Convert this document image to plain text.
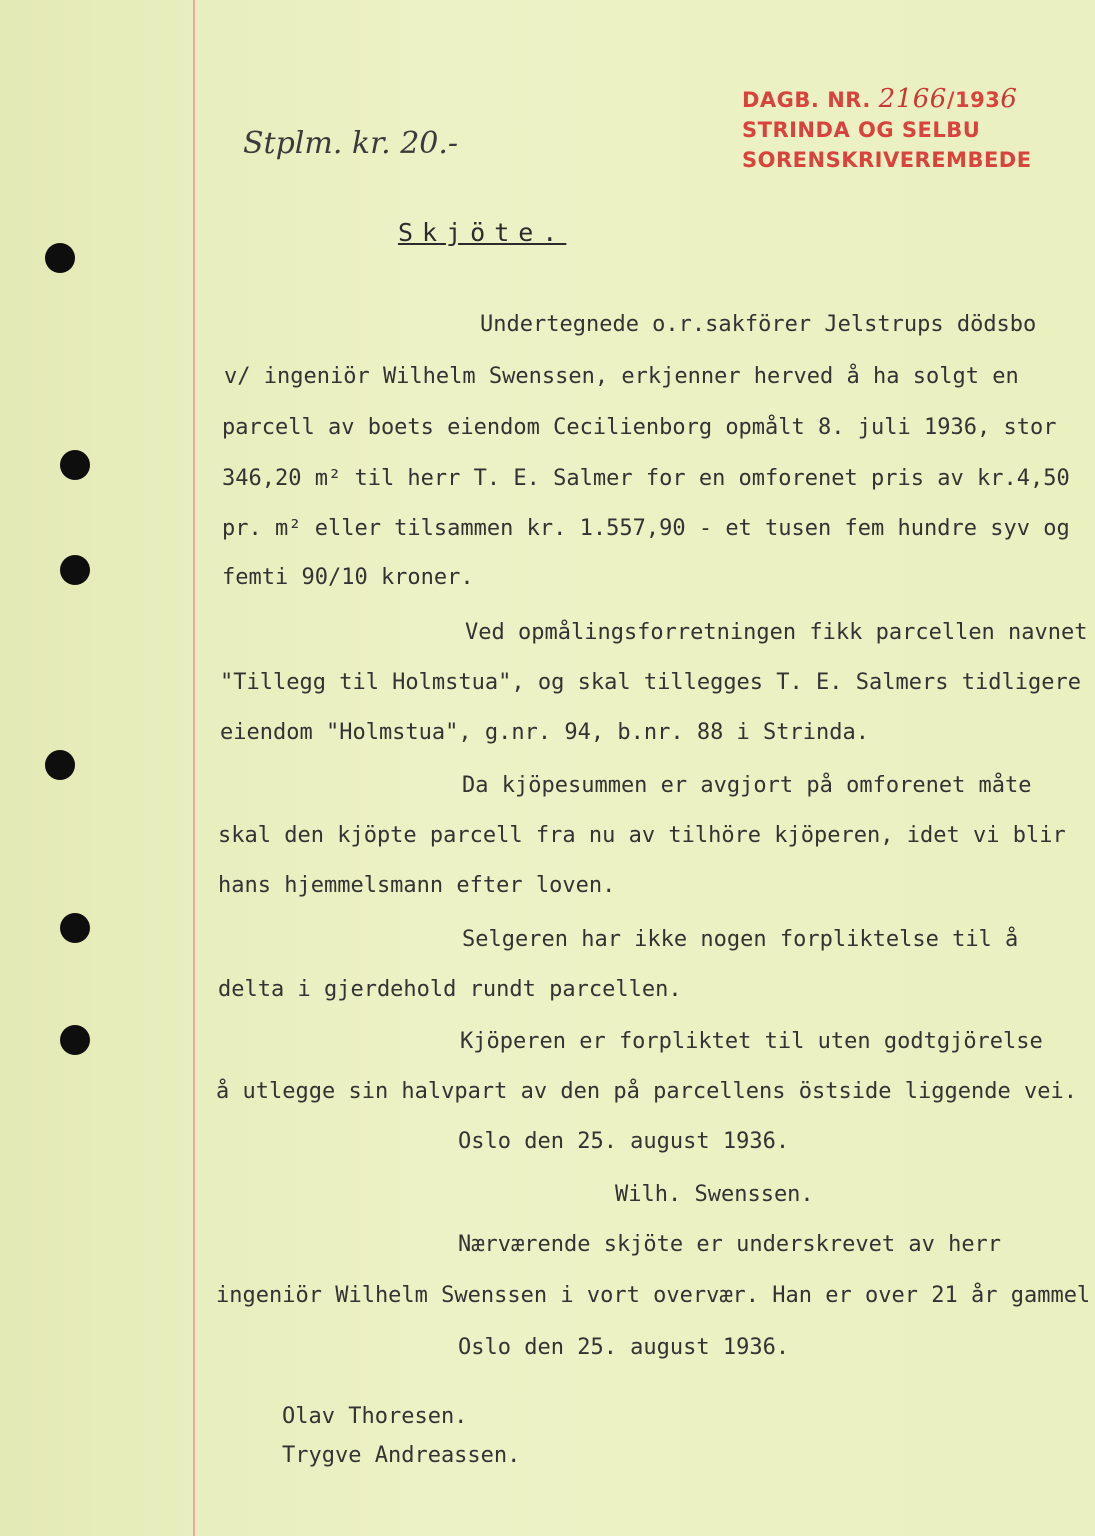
DAGB. NR. 2166/1936
STRINDA OG SELBU
SORENSKRIVEREMBEDE
Stplm. kr. 20.-
Skjöte.
Undertegnede o.r.sakförer Jelstrups dödsbo
v/ ingeniör Wilhelm Swenssen, erkjenner herved å ha solgt en
parcell av boets eiendom Cecilienborg opmålt 8. juli 1936, stor
346,20 m² til herr T. E. Salmer for en omforenet pris av kr.4,50
pr. m² eller tilsammen kr. 1.557,90 - et tusen fem hundre syv og
femti 90/10 kroner.
Ved opmålingsforretningen fikk parcellen navnet
"Tillegg til Holmstua", og skal tillegges T. E. Salmers tidligere
eiendom "Holmstua", g.nr. 94, b.nr. 88 i Strinda.
Da kjöpesummen er avgjort på omforenet måte
skal den kjöpte parcell fra nu av tilhöre kjöperen, idet vi blir
hans hjemmelsmann efter loven.
Selgeren har ikke nogen forpliktelse til å
delta i gjerdehold rundt parcellen.
Kjöperen er forpliktet til uten godtgjörelse
å utlegge sin halvpart av den på parcellens östside liggende vei.
Oslo den 25. august 1936.
Wilh. Swenssen.
Nærværende skjöte er underskrevet av herr
ingeniör Wilhelm Swenssen i vort overvær. Han er over 21 år gammel
Oslo den 25. august 1936.
Olav Thoresen.
Trygve Andreassen.
